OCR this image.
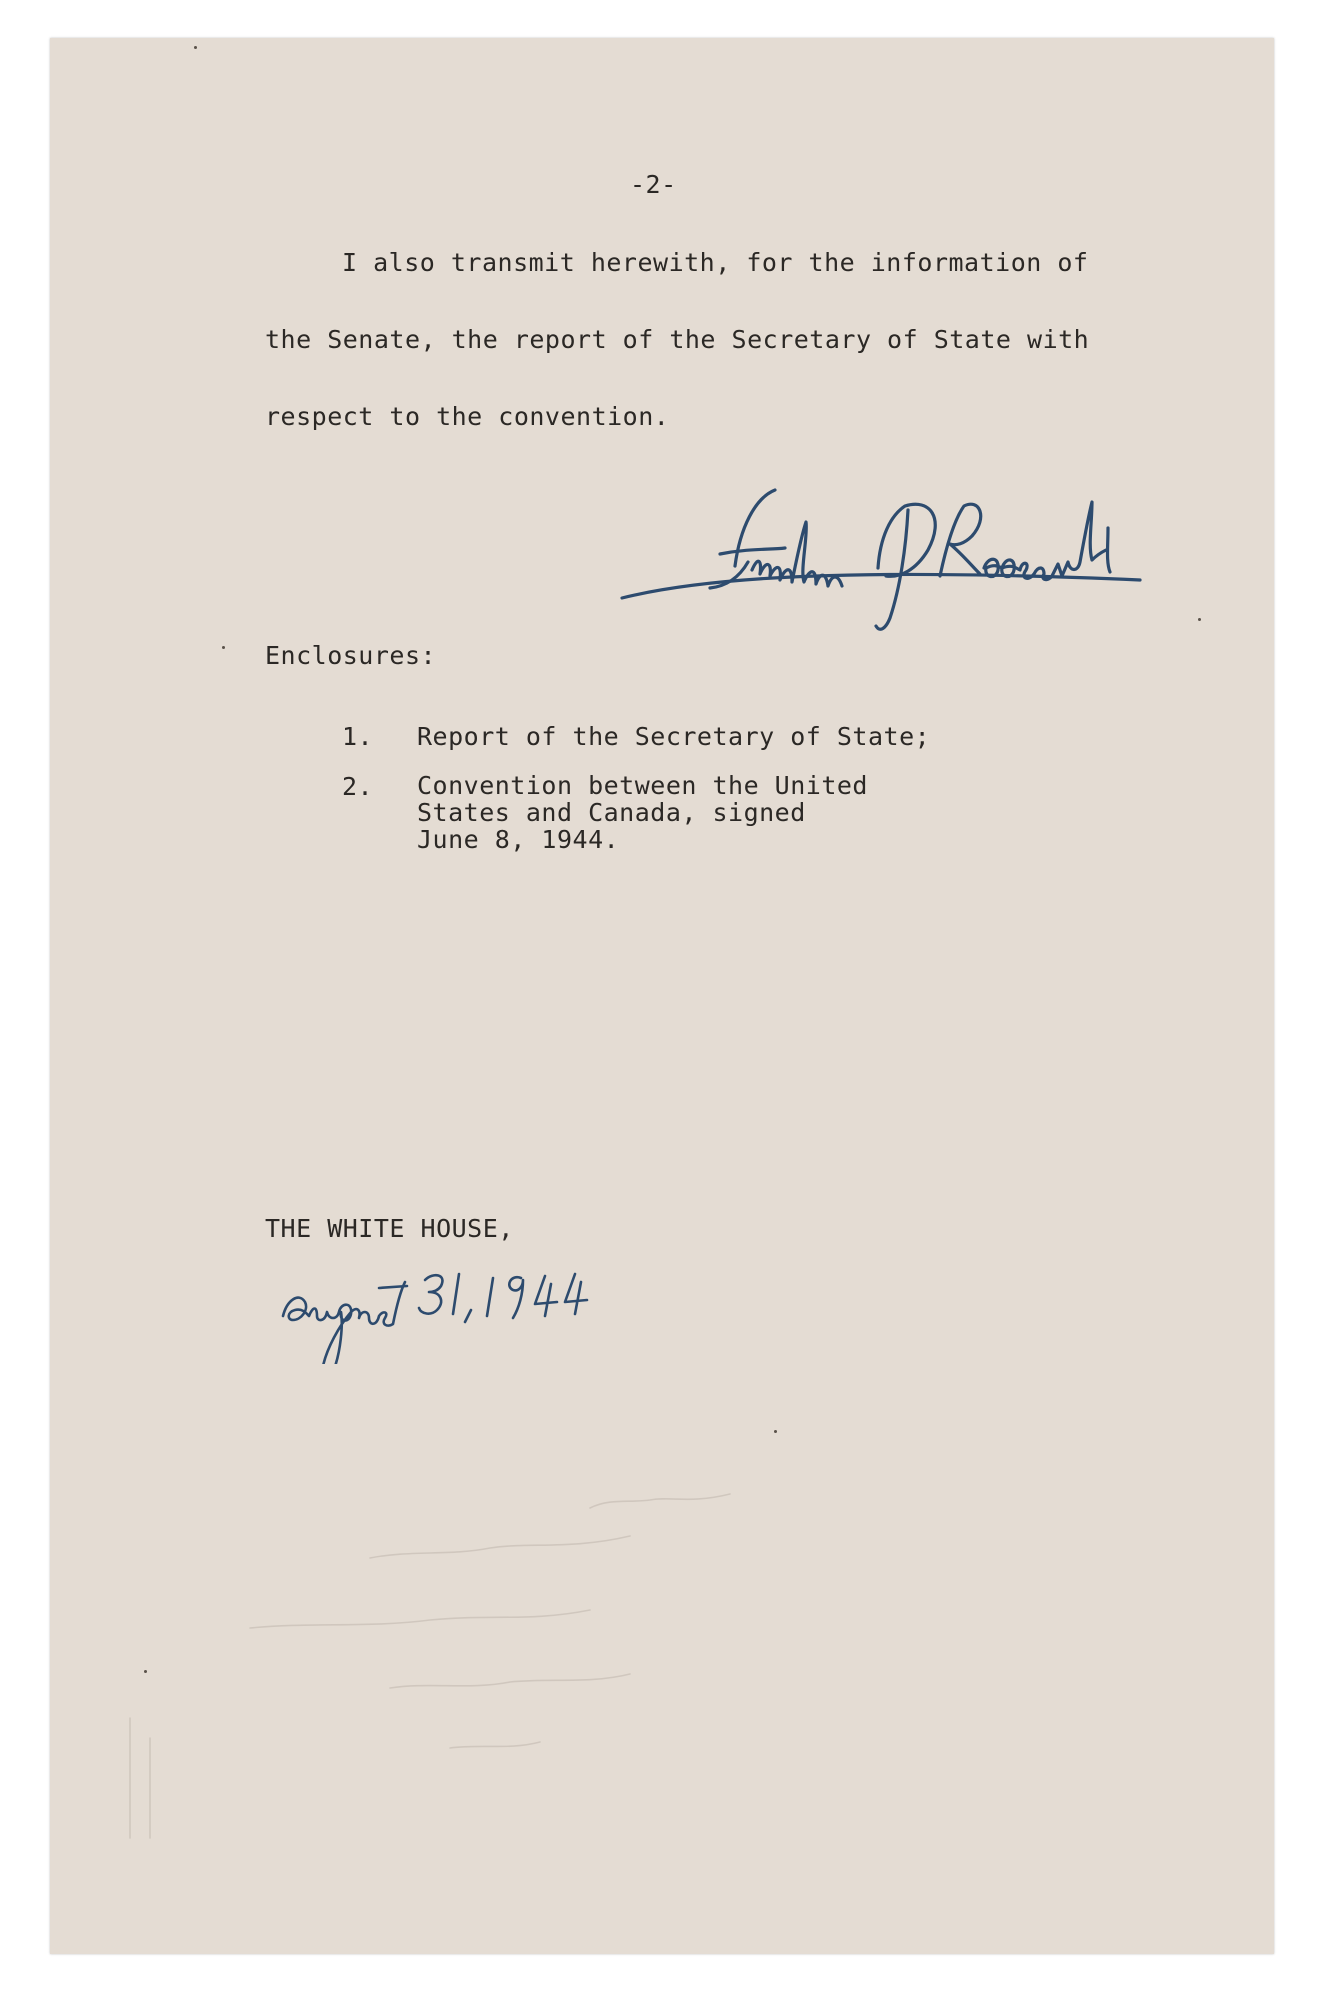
-2-

I also transmit herewith, for the information of

the Senate, the report of the Secretary of State with

respect to the convention.

Enclosures:

1. Report of the Secretary of State;

2. Convention between the United
States and Canada, signed
June 8, 1944.

THE WHITE HOUSE,
